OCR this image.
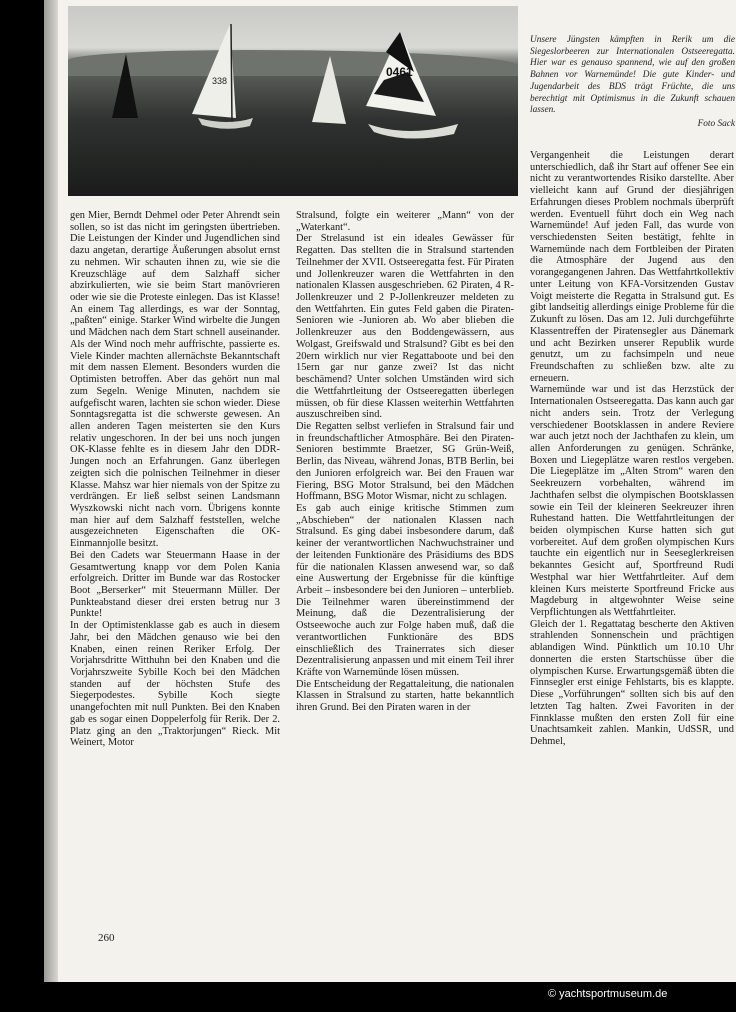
338
0461
Unsere Jüngsten kämpften in Rerik um die Siegeslorbeeren zur Internationalen Ostseeregatta. Hier war es genauso spannend, wie auf den großen Bahnen vor Warnemünde! Die gute Kinder- und Jugendarbeit des BDS trägt Früchte, die uns berechtigt mit Optimismus in die Zukunft schauen lassen.
Foto Sack

gen Mier, Berndt Dehmel oder Peter Ahrendt sein sollen, so ist das nicht im geringsten übertrieben. Die Leistungen der Kinder und Jugendlichen sind dazu angetan, derartige Äußerungen absolut ernst zu nehmen. Wir schauten ihnen zu, wie sie die Kreuzschläge auf dem Salzhaff sicher abzirkulierten, wie sie beim Start manövrieren oder wie sie die Proteste einlegen. Das ist Klasse! An einem Tag allerdings, es war der Sonntag, „paßten“ einige. Starker Wind wirbelte die Jungen und Mädchen nach dem Start schnell auseinander. Als der Wind noch mehr auffrischte, passierte es. Viele Kinder machten allernächste Bekanntschaft mit dem nassen Element. Besonders wurden die Optimisten betroffen. Aber das gehört nun mal zum Segeln. Wenige Minuten, nachdem sie aufgefischt waren, lachten sie schon wieder. Diese Sonntagsregatta ist die schwerste gewesen. An allen anderen Tagen meisterten sie den Kurs relativ ungeschoren. In der bei uns noch jungen OK-Klasse fehlte es in diesem Jahr den DDR-Jungen noch an Erfahrungen. Ganz überlegen zeigten sich die polnischen Teilnehmer in dieser Klasse. Mahsz war hier niemals von der Spitze zu verdrängen. Er ließ selbst seinen Landsmann Wyszkowski nicht nach vorn. Übrigens konnte man hier auf dem Salzhaff feststellen, welche ausgezeichneten Eigenschaften die OK-Einmannjolle besitzt.

Bei den Cadets war Steuermann Haase in der Gesamtwertung knapp vor dem Polen Kania erfolgreich. Dritter im Bunde war das Rostocker Boot „Berserker“ mit Steuermann Müller. Der Punkteabstand dieser drei ersten betrug nur 3 Punkte!

In der Optimistenklasse gab es auch in diesem Jahr, bei den Mädchen genauso wie bei den Knaben, einen reinen Reriker Erfolg. Der Vorjahrsdritte Witthuhn bei den Knaben und die Vorjahrszweite Sybille Koch bei den Mädchen standen auf der höchsten Stufe des Siegerpodestes. Sybille Koch siegte unangefochten mit null Punkten. Bei den Knaben gab es sogar einen Doppelerfolg für Rerik. Der 2. Platz ging an den „Traktorjungen“ Rieck. Mit Weinert, Motor

Stralsund, folgte ein weiterer „Mann“ von der „Waterkant“.

Der Strelasund ist ein ideales Gewässer für Regatten. Das stellten die in Stralsund startenden Teilnehmer der XVII. Ostseeregatta fest. Für Piraten und Jollenkreuzer waren die Wettfahrten in den nationalen Klassen ausgeschrieben. 62 Piraten, 4 R-Jollenkreuzer und 2 P-Jollenkreuzer meldeten zu den Wettfahrten. Ein gutes Feld gaben die Piraten-Senioren wie -Junioren ab. Wo aber blieben die Jollenkreuzer aus den Boddengewässern, aus Wolgast, Greifswald und Stralsund? Gibt es bei den 20ern wirklich nur vier Regattaboote und bei den 15ern gar nur ganze zwei? Ist das nicht beschämend? Unter solchen Umständen wird sich die Wettfahrtleitung der Ostseeregatten überlegen müssen, ob für diese Klassen weiterhin Wettfahrten auszuschreiben sind.

Die Regatten selbst verliefen in Stralsund fair und in freundschaftlicher Atmosphäre. Bei den Piraten-Senioren bestimmte Braetzer, SG Grün-Weiß, Berlin, das Niveau, während Jonas, BTB Berlin, bei den Junioren erfolgreich war. Bei den Frauen war Fiering, BSG Motor Stralsund, bei den Mädchen Hoffmann, BSG Motor Wismar, nicht zu schlagen.

Es gab auch einige kritische Stimmen zum „Abschieben“ der nationalen Klassen nach Stralsund. Es ging dabei insbesondere darum, daß keiner der verantwortlichen Nachwuchstrainer und der leitenden Funktionäre des Präsidiums des BDS für die nationalen Klassen anwesend war, so daß eine Auswertung der Ergebnisse für die künftige Arbeit – insbesondere bei den Junioren – unterblieb. Die Teilnehmer waren übereinstimmend der Meinung, daß die Dezentralisierung der Ostseewoche auch zur Folge haben muß, daß die verantwortlichen Funktionäre des BDS einschließlich des Trainerrates sich dieser Dezentralisierung anpassen und mit einem Teil ihrer Kräfte von Warnemünde lösen müssen.

Die Entscheidung der Regattaleitung, die nationalen Klassen in Stralsund zu starten, hatte bekanntlich ihren Grund. Bei den Piraten waren in der

Vergangenheit die Leistungen derart unterschiedlich, daß ihr Start auf offener See ein nicht zu verantwortendes Risiko darstellte. Aber vielleicht kann auf Grund der diesjährigen Erfahrungen dieses Problem nochmals überprüft werden. Eventuell führt doch ein Weg nach Warnemünde! Auf jeden Fall, das wurde von verschiedensten Seiten bestätigt, fehlte in Warnemünde nach dem Fortbleiben der Piraten die Atmosphäre der Jugend aus den vorangegangenen Jahren. Das Wettfahrtkollektiv unter Leitung von KFA-Vorsitzenden Gustav Voigt meisterte die Regatta in Stralsund gut. Es gibt landseitig allerdings einige Probleme für die Zukunft zu lösen. Das am 12. Juli durchgeführte Klassentreffen der Piratensegler aus Dänemark und acht Bezirken unserer Republik wurde genutzt, um zu fachsimpeln und neue Freundschaften zu schließen bzw. alte zu erneuern.

Warnemünde war und ist das Herzstück der Internationalen Ostseeregatta. Das kann auch gar nicht anders sein. Trotz der Verlegung verschiedener Bootsklassen in andere Reviere war auch jetzt noch der Jachthafen zu klein, um allen Anforderungen zu genügen. Schränke, Boxen und Liegeplätze waren restlos vergeben. Die Liegeplätze im „Alten Strom“ waren den Seekreuzern vorbehalten, während im Jachthafen selbst die olympischen Bootsklassen sowie ein Teil der kleineren Seekreuzer ihren Ruhestand hatten. Die Wettfahrtleitungen der beiden olympischen Kurse hatten sich gut vorbereitet. Auf dem großen olympischen Kurs tauchte ein eigentlich nur in Seeseglerkreisen bekanntes Gesicht auf, Sportfreund Rudi Westphal war hier Wettfahrtleiter. Auf dem kleinen Kurs meisterte Sportfreund Fricke aus Magdeburg in altgewohnter Weise seine Verpflichtungen als Wettfahrtleiter.

Gleich der 1. Regattatag bescherte den Aktiven strahlenden Sonnenschein und prächtigen ablandigen Wind. Pünktlich um 10.10 Uhr donnerten die ersten Startschüsse über die olympischen Kurse. Erwartungsgemäß übten die Finnsegler erst einige Fehlstarts, bis es klappte. Diese „Vorführungen“ sollten sich bis auf den letzten Tag halten. Zwei Favoriten in der Finnklasse mußten den ersten Zoll für eine Unachtsamkeit zahlen. Mankin, UdSSR, und Dehmel,

260
© yachtsportmuseum.de
